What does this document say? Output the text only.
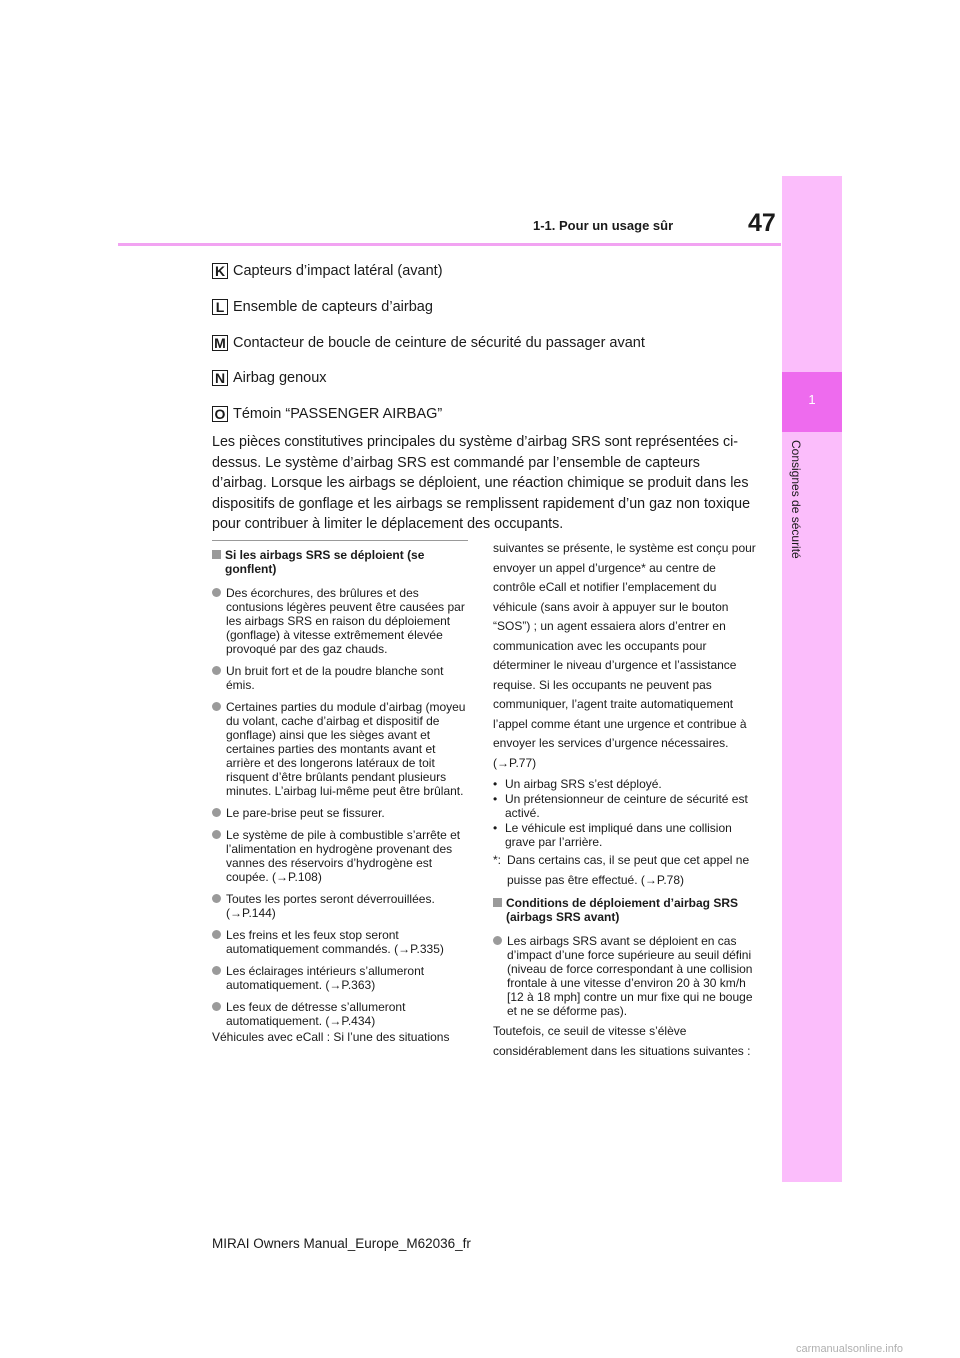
47
1-1. Pour un usage sûr
1
Consignes de sécurité
K Capteurs d’impact latéral (avant)
L Ensemble de capteurs d’airbag
M Contacteur de boucle de ceinture de sécurité du passager avant
N Airbag genoux
O Témoin “PASSENGER AIRBAG”
Les pièces constitutives principales du système d’airbag SRS sont représentées ci-dessus. Le système d’airbag SRS est commandé par l’ensemble de capteurs d’airbag. Lorsque les airbags se déploient, une réaction chimique se produit dans les dispositifs de gonflage et les airbags se remplissent rapidement d’un gaz non toxique pour contribuer à limiter le déplacement des occupants.
Si les airbags SRS se déploient (se gonflent)
Des écorchures, des brûlures et des contusions légères peuvent être causées par les airbags SRS en raison du déploiement (gonflage) à vitesse extrêmement élevée provoqué par des gaz chauds.
Un bruit fort et de la poudre blanche sont émis.
Certaines parties du module d’airbag (moyeu du volant, cache d’airbag et dispositif de gonflage) ainsi que les sièges avant et certaines parties des montants avant et arrière et des longerons latéraux de toit risquent d’être brûlants pendant plusieurs minutes. L’airbag lui-même peut être brûlant.
Le pare-brise peut se fissurer.
Le système de pile à combustible s’arrête et l’alimentation en hydrogène provenant des vannes des réservoirs d’hydrogène est coupée. (→P.108)
Toutes les portes seront déverrouillées. (→P.144)
Les freins et les feux stop seront automatiquement commandés. (→P.335)
Les éclairages intérieurs s’allumeront automatiquement. (→P.363)
Les feux de détresse s’allumeront automatiquement. (→P.434)
Véhicules avec eCall : Si l’une des situations
suivantes se présente, le système est conçu pour envoyer un appel d’urgence* au centre de contrôle eCall et notifier l’emplacement du véhicule (sans avoir à appuyer sur le bouton “SOS”) ; un agent essaiera alors d’entrer en communication avec les occupants pour déterminer le niveau d’urgence et l’assistance requise. Si les occupants ne peuvent pas communiquer, l’agent traite automatiquement l’appel comme étant une urgence et contribue à envoyer les services d’urgence nécessaires. (→P.77)
• Un airbag SRS s’est déployé.
• Un prétensionneur de ceinture de sécurité est activé.
• Le véhicule est impliqué dans une collision grave par l’arrière.
*: Dans certains cas, il se peut que cet appel ne puisse pas être effectué. (→P.78)
Conditions de déploiement d’airbag SRS (airbags SRS avant)
Les airbags SRS avant se déploient en cas d’impact d’une force supérieure au seuil défini (niveau de force correspondant à une collision frontale à une vitesse d’environ 20 à 30 km/h [12 à 18 mph] contre un mur fixe qui ne bouge et ne se déforme pas).
Toutefois, ce seuil de vitesse s’élève considérablement dans les situations suivantes :
MIRAI Owners Manual_Europe_M62036_fr
carmanualsonline.info
